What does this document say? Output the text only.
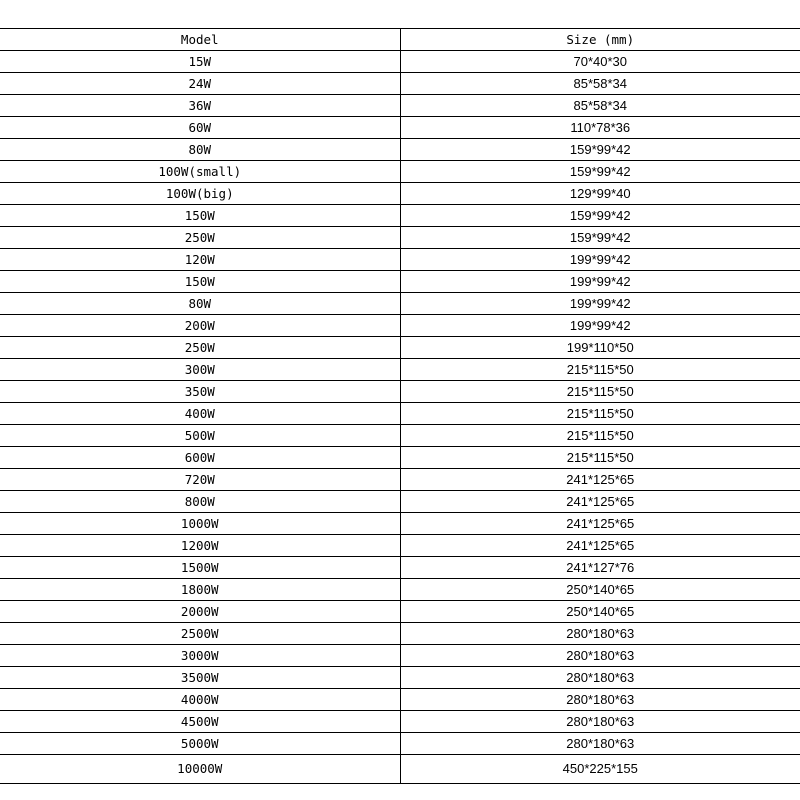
Model	Size (mm)
15W	70*40*30
24W	85*58*34
36W	85*58*34
60W	110*78*36
80W	159*99*42
100W(small)	159*99*42
100W(big)	129*99*40
150W	159*99*42
250W	159*99*42
120W	199*99*42
150W	199*99*42
80W	199*99*42
200W	199*99*42
250W	199*110*50
300W	215*115*50
350W	215*115*50
400W	215*115*50
500W	215*115*50
600W	215*115*50
720W	241*125*65
800W	241*125*65
1000W	241*125*65
1200W	241*125*65
1500W	241*127*76
1800W	250*140*65
2000W	250*140*65
2500W	280*180*63
3000W	280*180*63
3500W	280*180*63
4000W	280*180*63
4500W	280*180*63
5000W	280*180*63
10000W	450*225*155
